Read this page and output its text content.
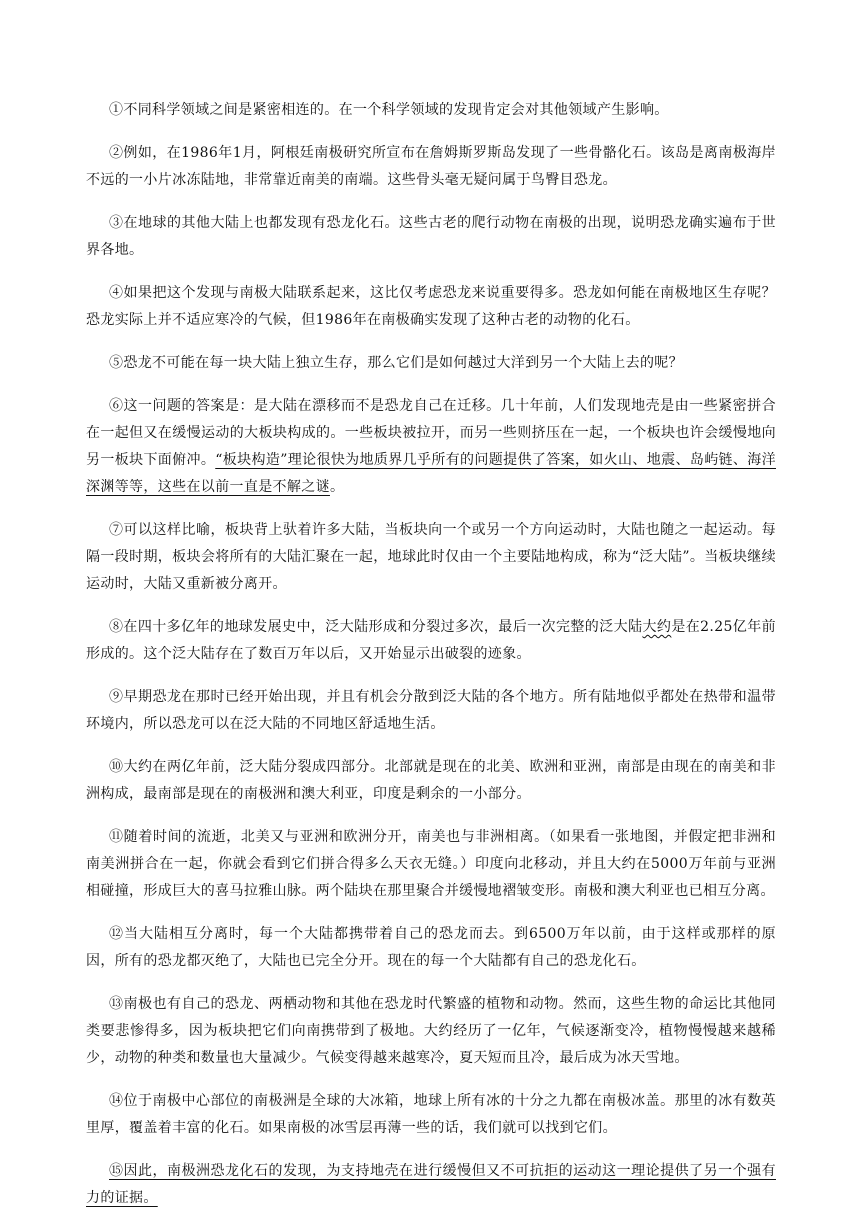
①不同科学领域之间是紧密相连的。在一个科学领域的发现肯定会对其他领域产生影响。

②例如，在1986年1月，阿根廷南极研究所宣布在詹姆斯罗斯岛发现了一些骨骼化石。该岛是离南极海岸不远的一小片冰冻陆地，非常靠近南美的南端。这些骨头毫无疑问属于鸟臀目恐龙。

③在地球的其他大陆上也都发现有恐龙化石。这些古老的爬行动物在南极的出现，说明恐龙确实遍布于世界各地。

④如果把这个发现与南极大陆联系起来，这比仅考虑恐龙来说重要得多。恐龙如何能在南极地区生存呢？恐龙实际上并不适应寒冷的气候，但1986年在南极确实发现了这种古老的动物的化石。

⑤恐龙不可能在每一块大陆上独立生存，那么它们是如何越过大洋到另一个大陆上去的呢？

⑥这一问题的答案是：是大陆在漂移而不是恐龙自己在迁移。几十年前，人们发现地壳是由一些紧密拼合在一起但又在缓慢运动的大板块构成的。一些板块被拉开，而另一些则挤压在一起，一个板块也许会缓慢地向另一板块下面俯冲。“板块构造”理论很快为地质界几乎所有的问题提供了答案，如火山、地震、岛屿链、海洋深渊等等，这些在以前一直是不解之谜。

⑦可以这样比喻，板块背上驮着许多大陆，当板块向一个或另一个方向运动时，大陆也随之一起运动。每隔一段时期，板块会将所有的大陆汇聚在一起，地球此时仅由一个主要陆地构成，称为“泛大陆”。当板块继续运动时，大陆又重新被分离开。

⑧在四十多亿年的地球发展史中，泛大陆形成和分裂过多次，最后一次完整的泛大陆大约是在2.25亿年前形成的。这个泛大陆存在了数百万年以后，又开始显示出破裂的迹象。

⑨早期恐龙在那时已经开始出现，并且有机会分散到泛大陆的各个地方。所有陆地似乎都处在热带和温带环境内，所以恐龙可以在泛大陆的不同地区舒适地生活。

⑩大约在两亿年前，泛大陆分裂成四部分。北部就是现在的北美、欧洲和亚洲，南部是由现在的南美和非洲构成，最南部是现在的南极洲和澳大利亚，印度是剩余的一小部分。

⑪随着时间的流逝，北美又与亚洲和欧洲分开，南美也与非洲相离。（如果看一张地图，并假定把非洲和南美洲拼合在一起，你就会看到它们拼合得多么天衣无缝。）印度向北移动，并且大约在5000万年前与亚洲相碰撞，形成巨大的喜马拉雅山脉。两个陆块在那里聚合并缓慢地褶皱变形。南极和澳大利亚也已相互分离。

⑫当大陆相互分离时，每一个大陆都携带着自己的恐龙而去。到6500万年以前，由于这样或那样的原因，所有的恐龙都灭绝了，大陆也已完全分开。现在的每一个大陆都有自己的恐龙化石。

⑬南极也有自己的恐龙、两栖动物和其他在恐龙时代繁盛的植物和动物。然而，这些生物的命运比其他同类要悲惨得多，因为板块把它们向南携带到了极地。大约经历了一亿年，气候逐渐变冷，植物慢慢越来越稀少，动物的种类和数量也大量减少。气候变得越来越寒冷，夏天短而且冷，最后成为冰天雪地。

⑭位于南极中心部位的南极洲是全球的大冰箱，地球上所有冰的十分之九都在南极冰盖。那里的冰有数英里厚，覆盖着丰富的化石。如果南极的冰雪层再薄一些的话，我们就可以找到它们。

⑮因此，南极洲恐龙化石的发现，为支持地壳在进行缓慢但又不可抗拒的运动这一理论提供了另一个强有力的证据。
